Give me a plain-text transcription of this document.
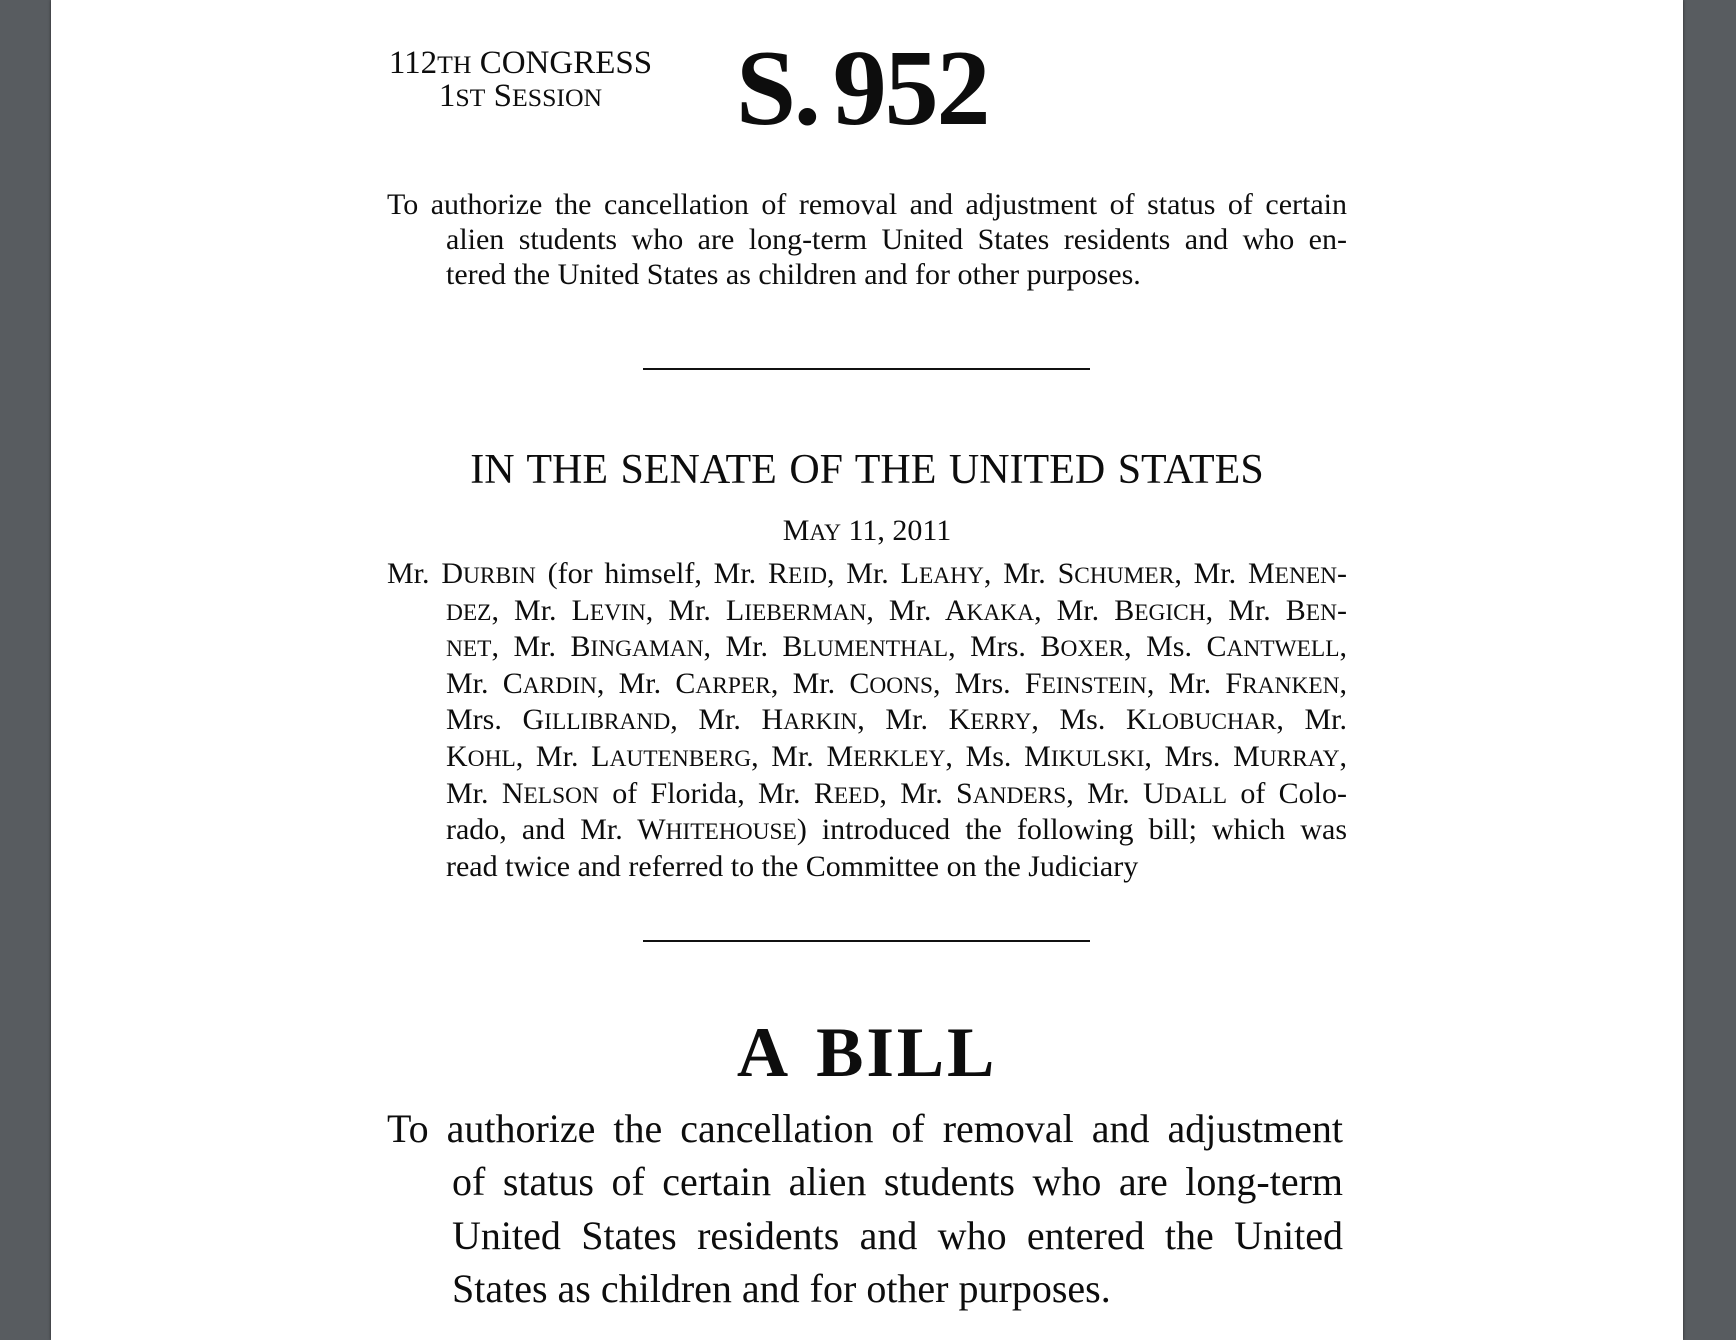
112TH CONGRESS
1ST SESSION	S. 952
To authorize the cancellation of removal and adjustment of status of certain
alien students who are long-term United States residents and who en-
tered the United States as children and for other purposes.
IN THE SENATE OF THE UNITED STATES
MAY 11, 2011
Mr. DURBIN (for himself, Mr. REID, Mr. LEAHY, Mr. SCHUMER, Mr. MENEN-
DEZ, Mr. LEVIN, Mr. LIEBERMAN, Mr. AKAKA, Mr. BEGICH, Mr. BEN-
NET, Mr. BINGAMAN, Mr. BLUMENTHAL, Mrs. BOXER, Ms. CANTWELL,
Mr. CARDIN, Mr. CARPER, Mr. COONS, Mrs. FEINSTEIN, Mr. FRANKEN,
Mrs. GILLIBRAND, Mr. HARKIN, Mr. KERRY, Ms. KLOBUCHAR, Mr.
KOHL, Mr. LAUTENBERG, Mr. MERKLEY, Ms. MIKULSKI, Mrs. MURRAY,
Mr. NELSON of Florida, Mr. REED, Mr. SANDERS, Mr. UDALL of Colo-
rado, and Mr. WHITEHOUSE) introduced the following bill; which was
read twice and referred to the Committee on the Judiciary
A BILL
To authorize the cancellation of removal and adjustment
of status of certain alien students who are long-term
United States residents and who entered the United
States as children and for other purposes.
